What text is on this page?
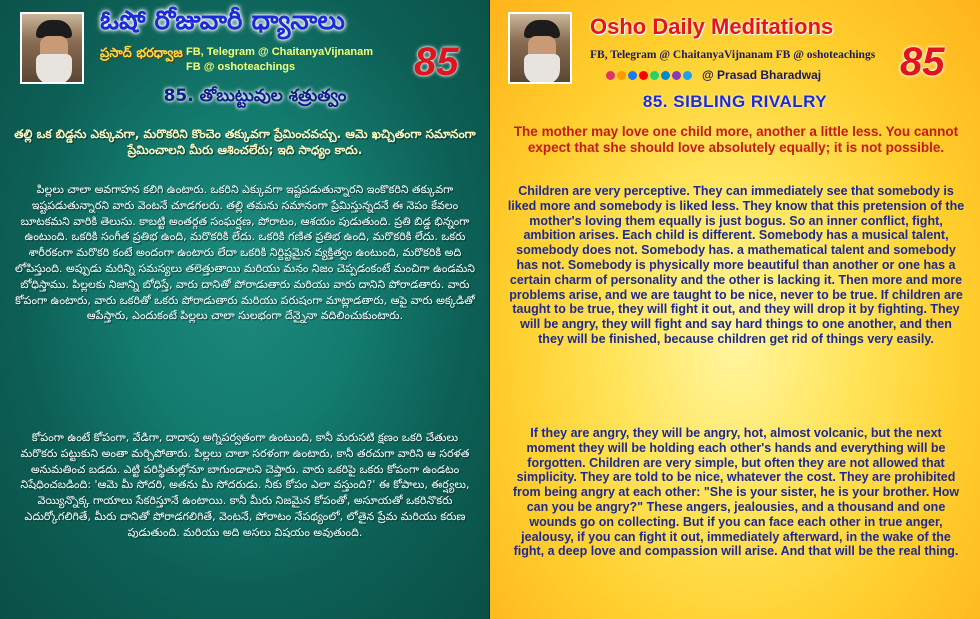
ఓషో రోజువారీ ధ్యానాలు
ప్రసాద్ భరధ్వాజ FB, Telegram @ ChaitanyaVijnanam
FB @ oshoteachings	85
85. తోబుట్టువుల శత్రుత్వం
తల్లి ఒక బిడ్డను ఎక్కువగా, మరొకరిని కొంచెం తక్కువగా ప్రేమించవచ్చు. ఆమె ఖచ్చితంగా సమానంగా ప్రేమించాలని మీరు ఆశించలేరు; ఇది సాధ్యం కాదు.
పిల్లలు చాలా అవగాహన కలిగి ఉంటారు. ఒకరిని ఎక్కువగా ఇష్టపడుతున్నారని ఇంకొకరిని తక్కువగా ఇష్టపడుతున్నారని వారు వెంటనే చూడగలరు. తల్లి తమను సమానంగా ప్రేమిస్తున్నదనే ఈ నెపం కేవలం బూటకమని వారికి తెలుసు. కాబట్టి అంతర్గత సంఘర్షణ, పోరాటం, ఆశయం పుడుతుంది. ప్రతి బిడ్డ భిన్నంగా ఉంటుంది. ఒకరికి సంగీత ప్రతిభ ఉంది, మరొకరికి లేదు. ఒకరికి గణిత ప్రతిభ ఉంది, మరొకరికి లేదు. ఒకరు శారీరకంగా మరొకరి కంటే అందంగా ఉంటారు లేదా ఒకరికి నిర్దిష్టమైన వ్యక్తిత్వం ఉంటుంది, మరొకరికి అది లోపిస్తుంది. అప్పుడు మరిన్ని సమస్యలు తలెత్తుతాయి మరియు మనం నిజం చెప్పడంకంటే మంచిగా ఉండమని బోధిస్తాము. పిల్లలకు నిజాన్ని బోధిస్తే, వారు దానితో పోరాడుతారు మరియు వారు దానిని పోరాడతారు. వారు కోపంగా ఉంటారు, వారు ఒకరితో ఒకరు పోరాడుతారు మరియు పరుషంగా మాట్లాడతారు, ఆపై వారు అక్కడితో ఆపేస్తారు, ఎందుకంటే పిల్లలు చాలా సులభంగా దేన్నైనా వదిలించుకుంటారు.
కోపంగా ఉంటే కోపంగా, వేడిగా, దాదాపు అగ్నిపర్వతంగా ఉంటుంది, కానీ మరుసటి క్షణం ఒకరి చేతులు మరొకరు పట్టుకుని అంతా మర్చిపోతారు. పిల్లలు చాలా సరళంగా ఉంటారు, కానీ తరచుగా వారిని ఆ సరళత అనుమతించ బడదు. ఎట్టి పరిస్థితుల్లోనూ బాగుండాలని చెప్తారు. వారు ఒకరిపై ఒకరు కోపంగా ఉండటం నిషేధించబడింది: 'ఆమె మీ సోదరి, అతను మీ సోదరుడు. నీకు కోపం ఎలా వస్తుంది?' ఈ కోపాలు, ఈర్ష్యలు, వెయ్యిన్నొక్క గాయాలు సేకరిస్తూనే ఉంటాయి. కానీ మీరు నిజమైన కోపంతో, అసూయతో ఒకరినొకరు ఎదుర్కోగలిగితే, మీరు దానితో పోరాడగలిగితే, వెంటనే, పోరాటం నేపథ్యంలో, లోతైన ప్రేమ మరియు కరుణ పుడుతుంది. మరియు అది అసలు విషయం అవుతుంది.
Osho Daily Meditations
FB, Telegram @ ChaitanyaVijnanam FB @ oshoteachings
@ Prasad Bharadwaj 85
85. SIBLING RIVALRY
The mother may love one child more, another a little less. You cannot expect that she should love absolutely equally; it is not possible.
Children are very perceptive. They can immediately see that somebody is liked more and somebody is liked less. They know that this pretension of the mother's loving them equally is just bogus. So an inner conflict, fight, ambition arises. Each child is different. Somebody has a musical talent, somebody does not. Somebody has. a mathematical talent and somebody has not. Somebody is physically more beautiful than another or one has a certain charm of personality and the other is lacking it. Then more and more problems arise, and we are taught to be nice, never to be true. If children are taught to be true, they will fight it out, and they will drop it by fighting. They will be angry, they will fight and say hard things to one another, and then they will be finished, because children get rid of things very easily.
If they are angry, they will be angry, hot, almost volcanic, but the next moment they will be holding each other's hands and everything will be forgotten. Children are very simple, but often they are not allowed that simplicity. They are told to be nice, whatever the cost. They are prohibited from being angry at each other: "She is your sister, he is your brother. How can you be angry?" These angers, jealousies, and a thousand and one wounds go on collecting. But if you can face each other in true anger, jealousy, if you can fight it out, immediately afterward, in the wake of the fight, a deep love and compassion will arise. And that will be the real thing.
